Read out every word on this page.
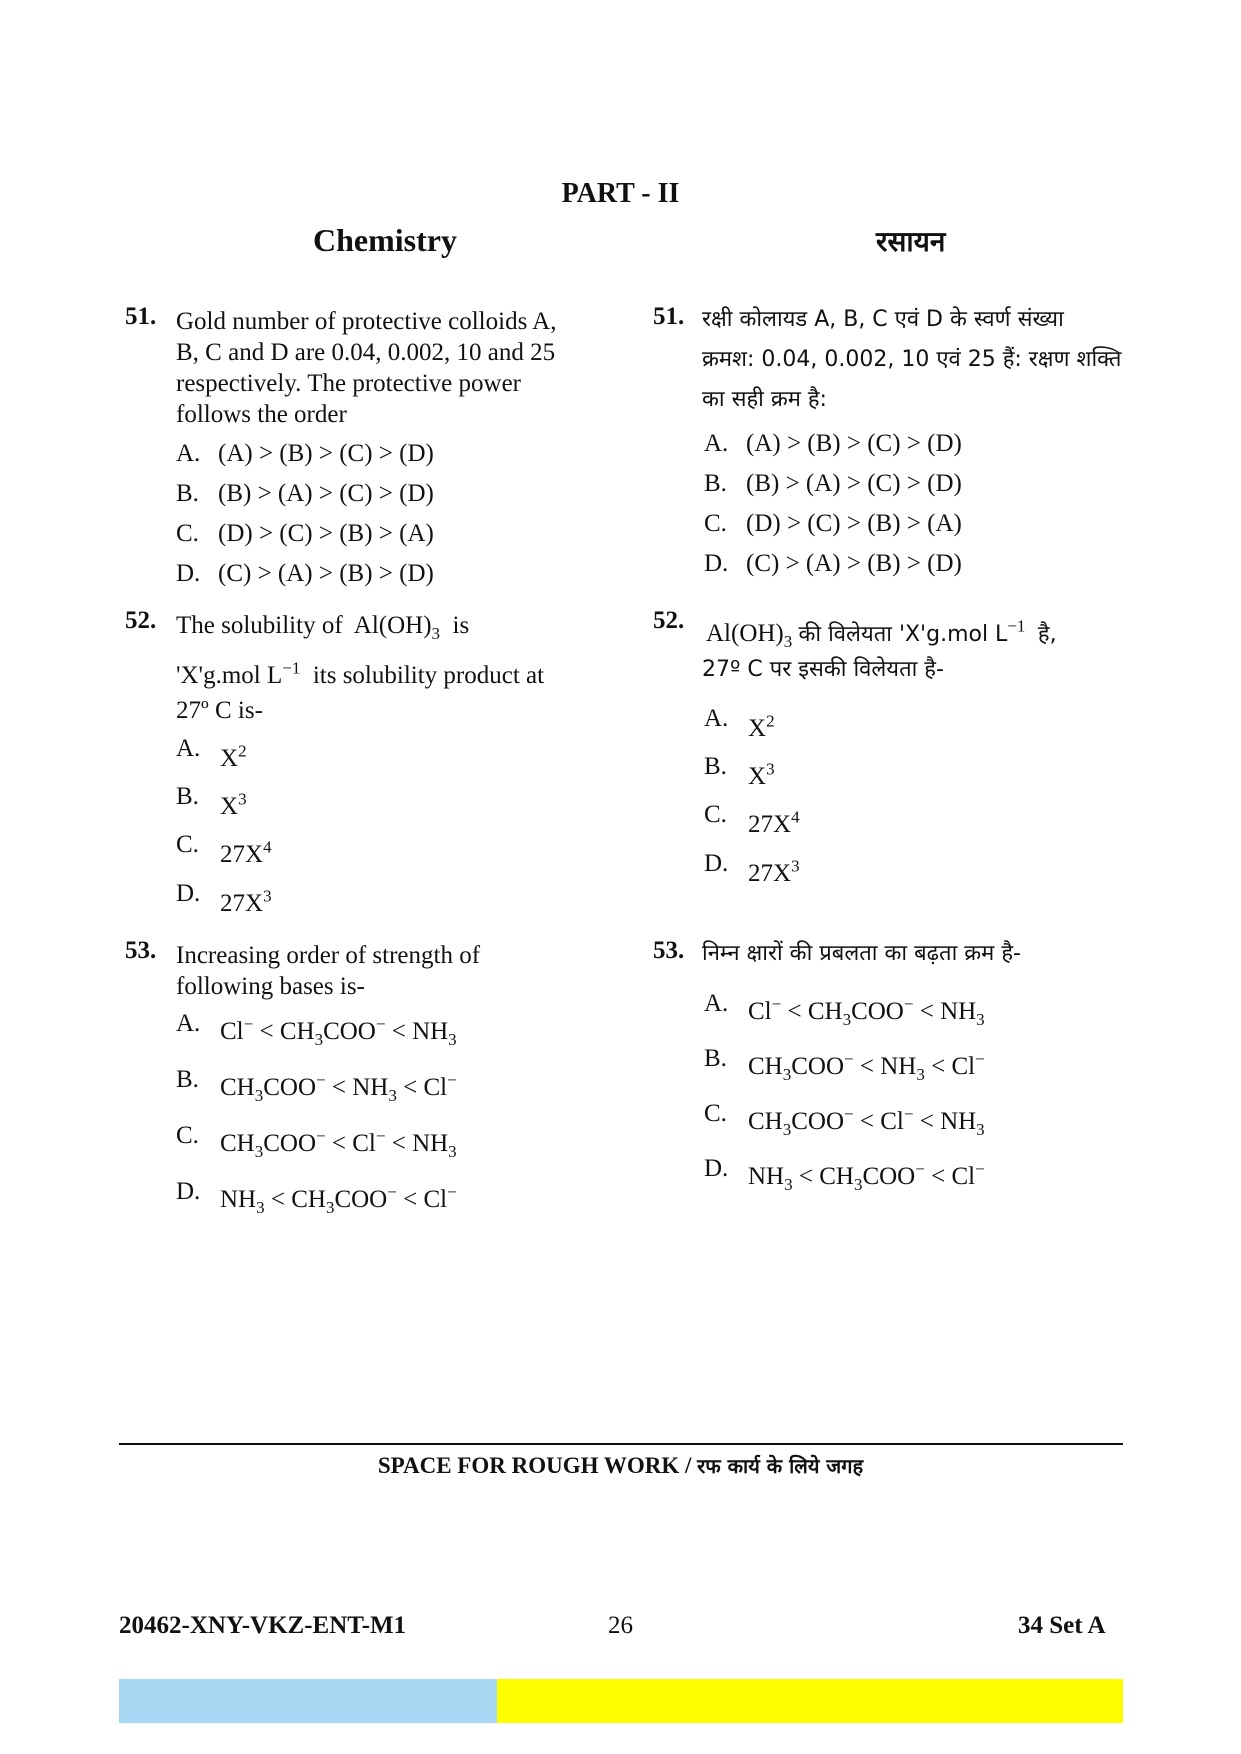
PART - II
Chemistry	रसायन
51. Gold number of protective colloids A,
B, C and D are 0.04, 0.002, 10 and 25
respectively. The protective power
follows the order
A. (A) > (B) > (C) > (D)
B. (B) > (A) > (C) > (D)
C. (D) > (C) > (B) > (A)
D. (C) > (A) > (B) > (D)
52. The solubility of $Al(OH)_3$ is
'X'g.mol $L^{-1}$ its solubility product at
27º C is-
A. $X^2$
B. $X^3$
C. $27X^4$
D. $27X^3$
53. Increasing order of strength of
following bases is-
A. $Cl^- < CH_3COO^- < NH_3$
B. $CH_3COO^- < NH_3 < Cl^-$
C. $CH_3COO^- < Cl^- < NH_3$
D. $NH_3 < CH_3COO^- < Cl^-$
51. रक्षी कोलायड A, B, C एवं D के स्वर्ण संख्या
क्रमश: 0.04, 0.002, 10 एवं 25 हैं: रक्षण शक्ति
का सही क्रम है:
A. (A) > (B) > (C) > (D)
B. (B) > (A) > (C) > (D)
C. (D) > (C) > (B) > (A)
D. (C) > (A) > (B) > (D)
52. $Al(OH)_3$ की विलेयता 'X'g.mol $L^{-1}$ है,
27º C पर इसकी विलेयता है-
A. $X^2$
B. $X^3$
C. $27X^4$
D. $27X^3$
53. निम्न क्षारों की प्रबलता का बढ़ता क्रम है-
A. $Cl^- < CH_3COO^- < NH_3$
B. $CH_3COO^- < NH_3 < Cl^-$
C. $CH_3COO^- < Cl^- < NH_3$
D. $NH_3 < CH_3COO^- < Cl^-$
SPACE FOR ROUGH WORK / रफ कार्य के लिये जगह
20462-XNY-VKZ-ENT-M1	26	34 Set A
